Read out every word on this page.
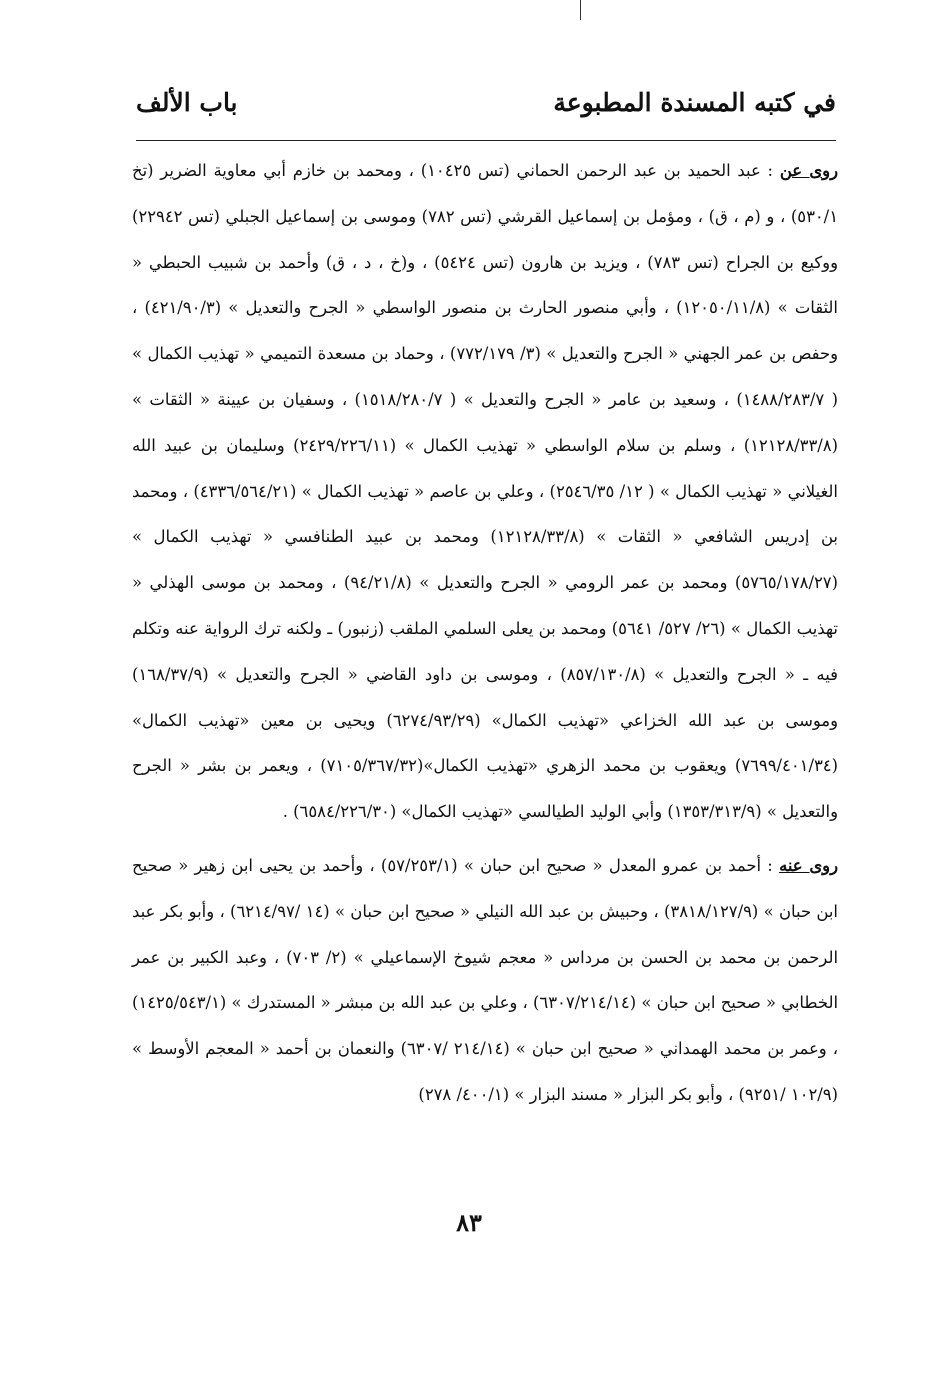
في كتبه المسندة المطبوعة
باب الألف

روى عن : عبد الحميد بن عبد الرحمن الحماني (تس ١٠٤٢٥) ، ومحمد بن خازم أبي معاوية الضرير (تخ ٥٣٠/١) ، و (م ، ق) ، ومؤمل بن إسماعيل القرشي (تس ٧٨٢) وموسى بن إسماعيل الجبلي (تس ٢٢٩٤٢) ووكيع بن الجراح (تس ٧٨٣) ، ويزيد بن هارون (تس ٥٤٢٤) ، و(خ ، د ، ق) وأحمد بن شبيب الحبطي « الثقات » (١٢٠٥٠/١١/٨) ، وأبي منصور الحارث بن منصور الواسطي « الجرح والتعديل » (٤٢١/٩٠/٣) ، وحفص بن عمر الجهني « الجرح والتعديل » (٣/ ٧٧٢/١٧٩) ، وحماد بن مسعدة التميمي « تهذيب الكمال » ( ١٤٨٨/٢٨٣/٧) ، وسعيد بن عامر « الجرح والتعديل » ( ١٥١٨/٢٨٠/٧) ، وسفيان بن عيينة « الثقات » (١٢١٢٨/٣٣/٨) ، وسلم بن سلام الواسطي « تهذيب الكمال » (٢٤٢٩/٢٢٦/١١) وسليمان بن عبيد الله الغيلاني « تهذيب الكمال » ( ١٢/ ٢٥٤٦/٣٥) ، وعلي بن عاصم « تهذيب الكمال » (٤٣٣٦/٥٦٤/٢١) ، ومحمد بن إدريس الشافعي « الثقات » (١٢١٢٨/٣٣/٨) ومحمد بن عبيد الطنافسي « تهذيب الكمال » (٥٧٦٥/١٧٨/٢٧) ومحمد بن عمر الرومي « الجرح والتعديل » (٩٤/٢١/٨) ، ومحمد بن موسى الهذلي « تهذيب الكمال » (٢٦/ ٥٢٧/ ٥٦٤١) ومحمد بن يعلى السلمي الملقب (زنبور) ـ ولكنه ترك الرواية عنه وتكلم فيه ـ « الجرح والتعديل » (٨٥٧/١٣٠/٨) ، وموسى بن داود القاضي « الجرح والتعديل » (١٦٨/٣٧/٩) وموسى بن عبد الله الخزاعي «تهذيب الكمال» (٦٢٧٤/٩٣/٢٩) ويحيى بن معين «تهذيب الكمال» (٧٦٩٩/٤٠١/٣٤) ويعقوب بن محمد الزهري «تهذيب الكمال»(٧١٠٥/٣٦٧/٣٢) ، ويعمر بن بشر « الجرح والتعديل » (١٣٥٣/٣١٣/٩) وأبي الوليد الطيالسي «تهذيب الكمال» (٦٥٨٤/٢٢٦/٣٠) .

روى عنه : أحمد بن عمرو المعدل « صحيح ابن حبان » (٥٧/٢٥٣/١) ، وأحمد بن يحيى ابن زهير « صحيح ابن حبان » (٣٨١٨/١٢٧/٩) ، وحبيش بن عبد الله النيلي « صحيح ابن حبان » (١٤ /٦٢١٤/٩٧) ، وأبو بكر عبد الرحمن بن محمد بن الحسن بن مرداس « معجم شيوخ الإسماعيلي » (٢/ ٧٠٣) ، وعبد الكبير بن عمر الخطابي « صحيح ابن حبان » (٦٣٠٧/٢١٤/١٤) ، وعلي بن عبد الله بن مبشر « المستدرك » (١٤٢٥/٥٤٣/١) ، وعمر بن محمد الهمداني « صحيح ابن حبان » (٢١٤/١٤ /٦٣٠٧) والنعمان بن أحمد « المعجم الأوسط » (١٠٢/٩ /٩٢٥١) ، وأبو بكر البزار « مسند البزار » (٤٠٠/١/ ٢٧٨)

٨٣
